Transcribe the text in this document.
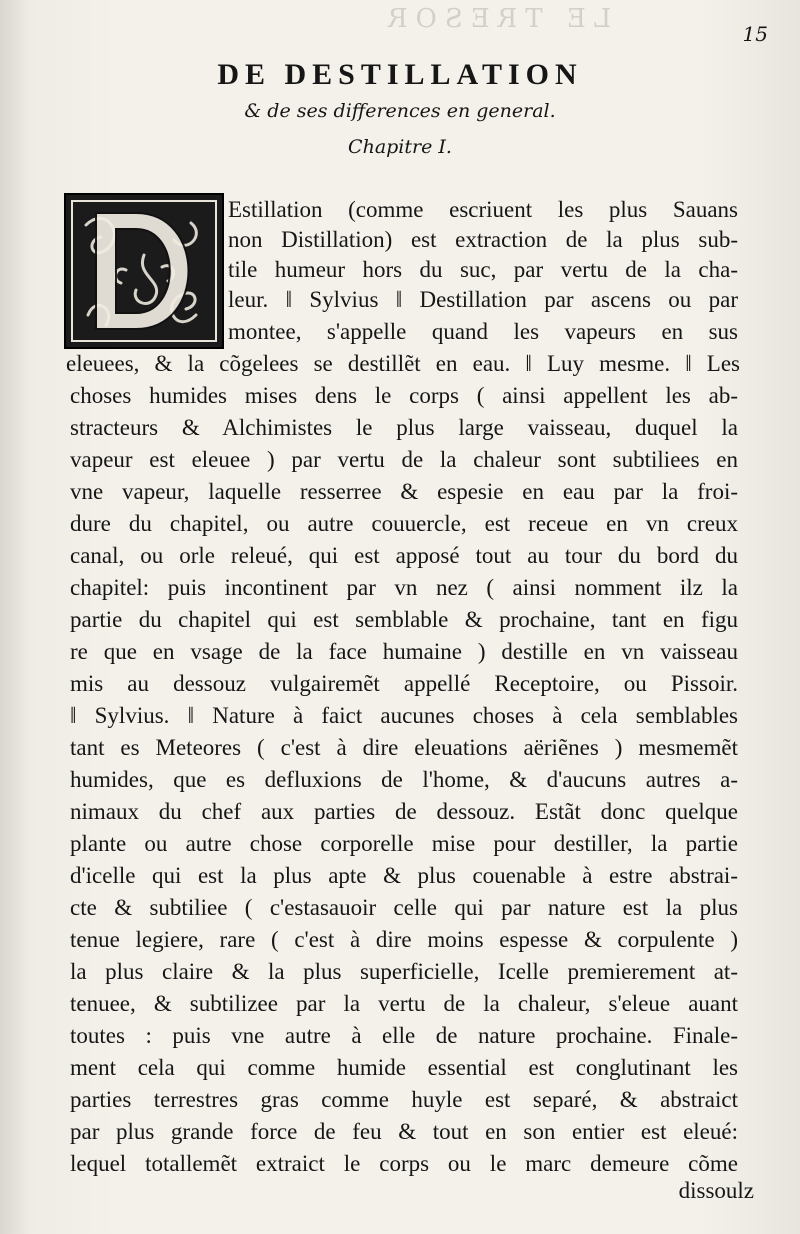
LE TRESOR	15
DE DESTILLATION
& de ses differences en general.
Chapitre I.
Estillation (comme escriuent les plus Sauans
non Distillation) est extraction de la plus sub-
tile humeur hors du suc, par vertu de la cha-
leur. ‖ Sylvius ‖ Destillation par ascens ou par
montee, s'appelle quand les vapeurs en sus
eleuees, & la cõgelees se destillẽt en eau. ‖ Luy mesme. ‖ Les
choses humides mises dens le corps ( ainsi appellent les ab-
stracteurs & Alchimistes le plus large vaisseau, duquel la
vapeur est eleuee ) par vertu de la chaleur sont subtiliees en
vne vapeur, laquelle resserree & espesie en eau par la froi-
dure du chapitel, ou autre couuercle, est receue en vn creux
canal, ou orle releué, qui est apposé tout au tour du bord du
chapitel: puis incontinent par vn nez ( ainsi nomment ilz la
partie du chapitel qui est semblable & prochaine, tant en figu
re que en vsage de la face humaine ) destille en vn vaisseau
mis au dessouz vulgairemẽt appellé Receptoire, ou Pissoir.
‖ Sylvius. ‖ Nature à faict aucunes choses à cela semblables
tant es Meteores ( c'est à dire eleuations aëriẽnes ) mesmemẽt
humides, que es defluxions de l'home, & d'aucuns autres a-
nimaux du chef aux parties de dessouz. Estãt donc quelque
plante ou autre chose corporelle mise pour destiller, la partie
d'icelle qui est la plus apte & plus couenable à estre abstrai-
cte & subtiliee ( c'estasauoir celle qui par nature est la plus
tenue legiere, rare ( c'est à dire moins espesse & corpulente )
la plus claire & la plus superficielle, Icelle premierement at-
tenuee, & subtilizee par la vertu de la chaleur, s'eleue auant
toutes : puis vne autre à elle de nature prochaine. Finale-
ment cela qui comme humide essential est conglutinant les
parties terrestres gras comme huyle est separé, & abstraict
par plus grande force de feu & tout en son entier est eleué:
lequel totallemẽt extraict le corps ou le marc demeure cõme
dissoulz
